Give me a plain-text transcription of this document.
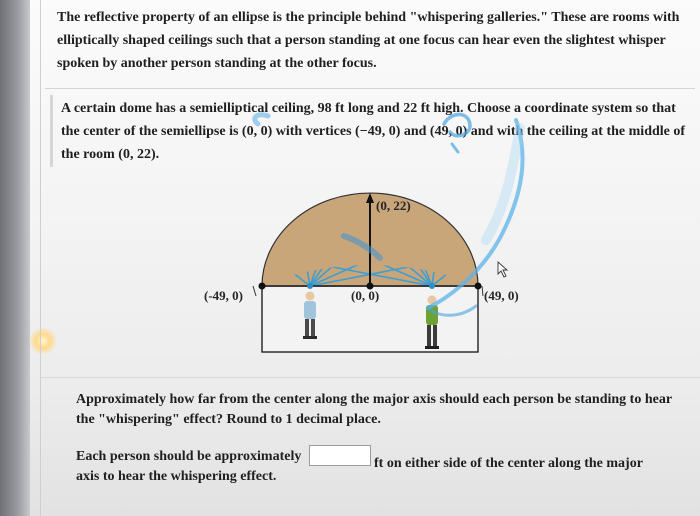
The reflective property of an ellipse is the principle behind "whispering galleries." These are rooms with elliptically shaped ceilings such that a person standing at one focus can hear even the slightest whisper spoken by another person standing at the other focus.
A certain dome has a semielliptical ceiling, 98 ft long and 22 ft high. Choose a coordinate system so that the center of the semiellipse is (0, 0) with vertices (−49, 0) and (49, 0) and with the ceiling at the middle of the room (0, 22).
(0, 22)
(-49, 0)	(0, 0)	(49, 0)
Approximately how far from the center along the major axis should each person be standing to hear the "whispering" effect? Round to 1 decimal place.
Each person should be approximately	ft on either side of the center along the major
axis to hear the whispering effect.
